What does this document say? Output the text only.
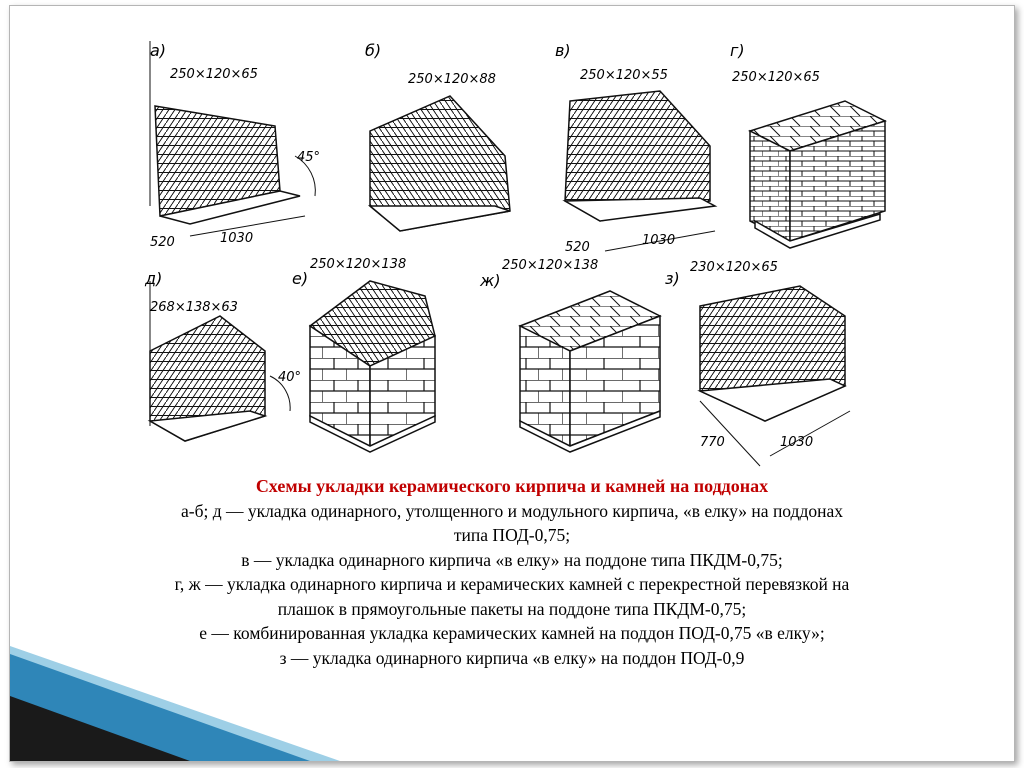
а)
250×120×65
520	1030
45°
б)
250×120×88
в)
250×120×55
520	1030
г)
250×120×65
д)
268×138×63
40°
е)
250×120×138
ж)
250×120×138
з)
230×120×65
770	1030
Схемы укладки керамического кирпича и камней на поддонах
а-б; д — укладка одинарного, утолщенного и модульного кирпича, «в елку» на поддонах
типа ПОД-0,75;
в — укладка одинарного кирпича «в елку» на поддоне типа ПКДМ-0,75;
г, ж — укладка одинарного кирпича и керамических камней с перекрестной перевязкой на
плашок в прямоугольные пакеты на поддоне типа ПКДМ-0,75;
е — комбинированная укладка керамических камней на поддон ПОД-0,75 «в елку»;
з — укладка одинарного кирпича «в елку» на поддон ПОД-0,9
